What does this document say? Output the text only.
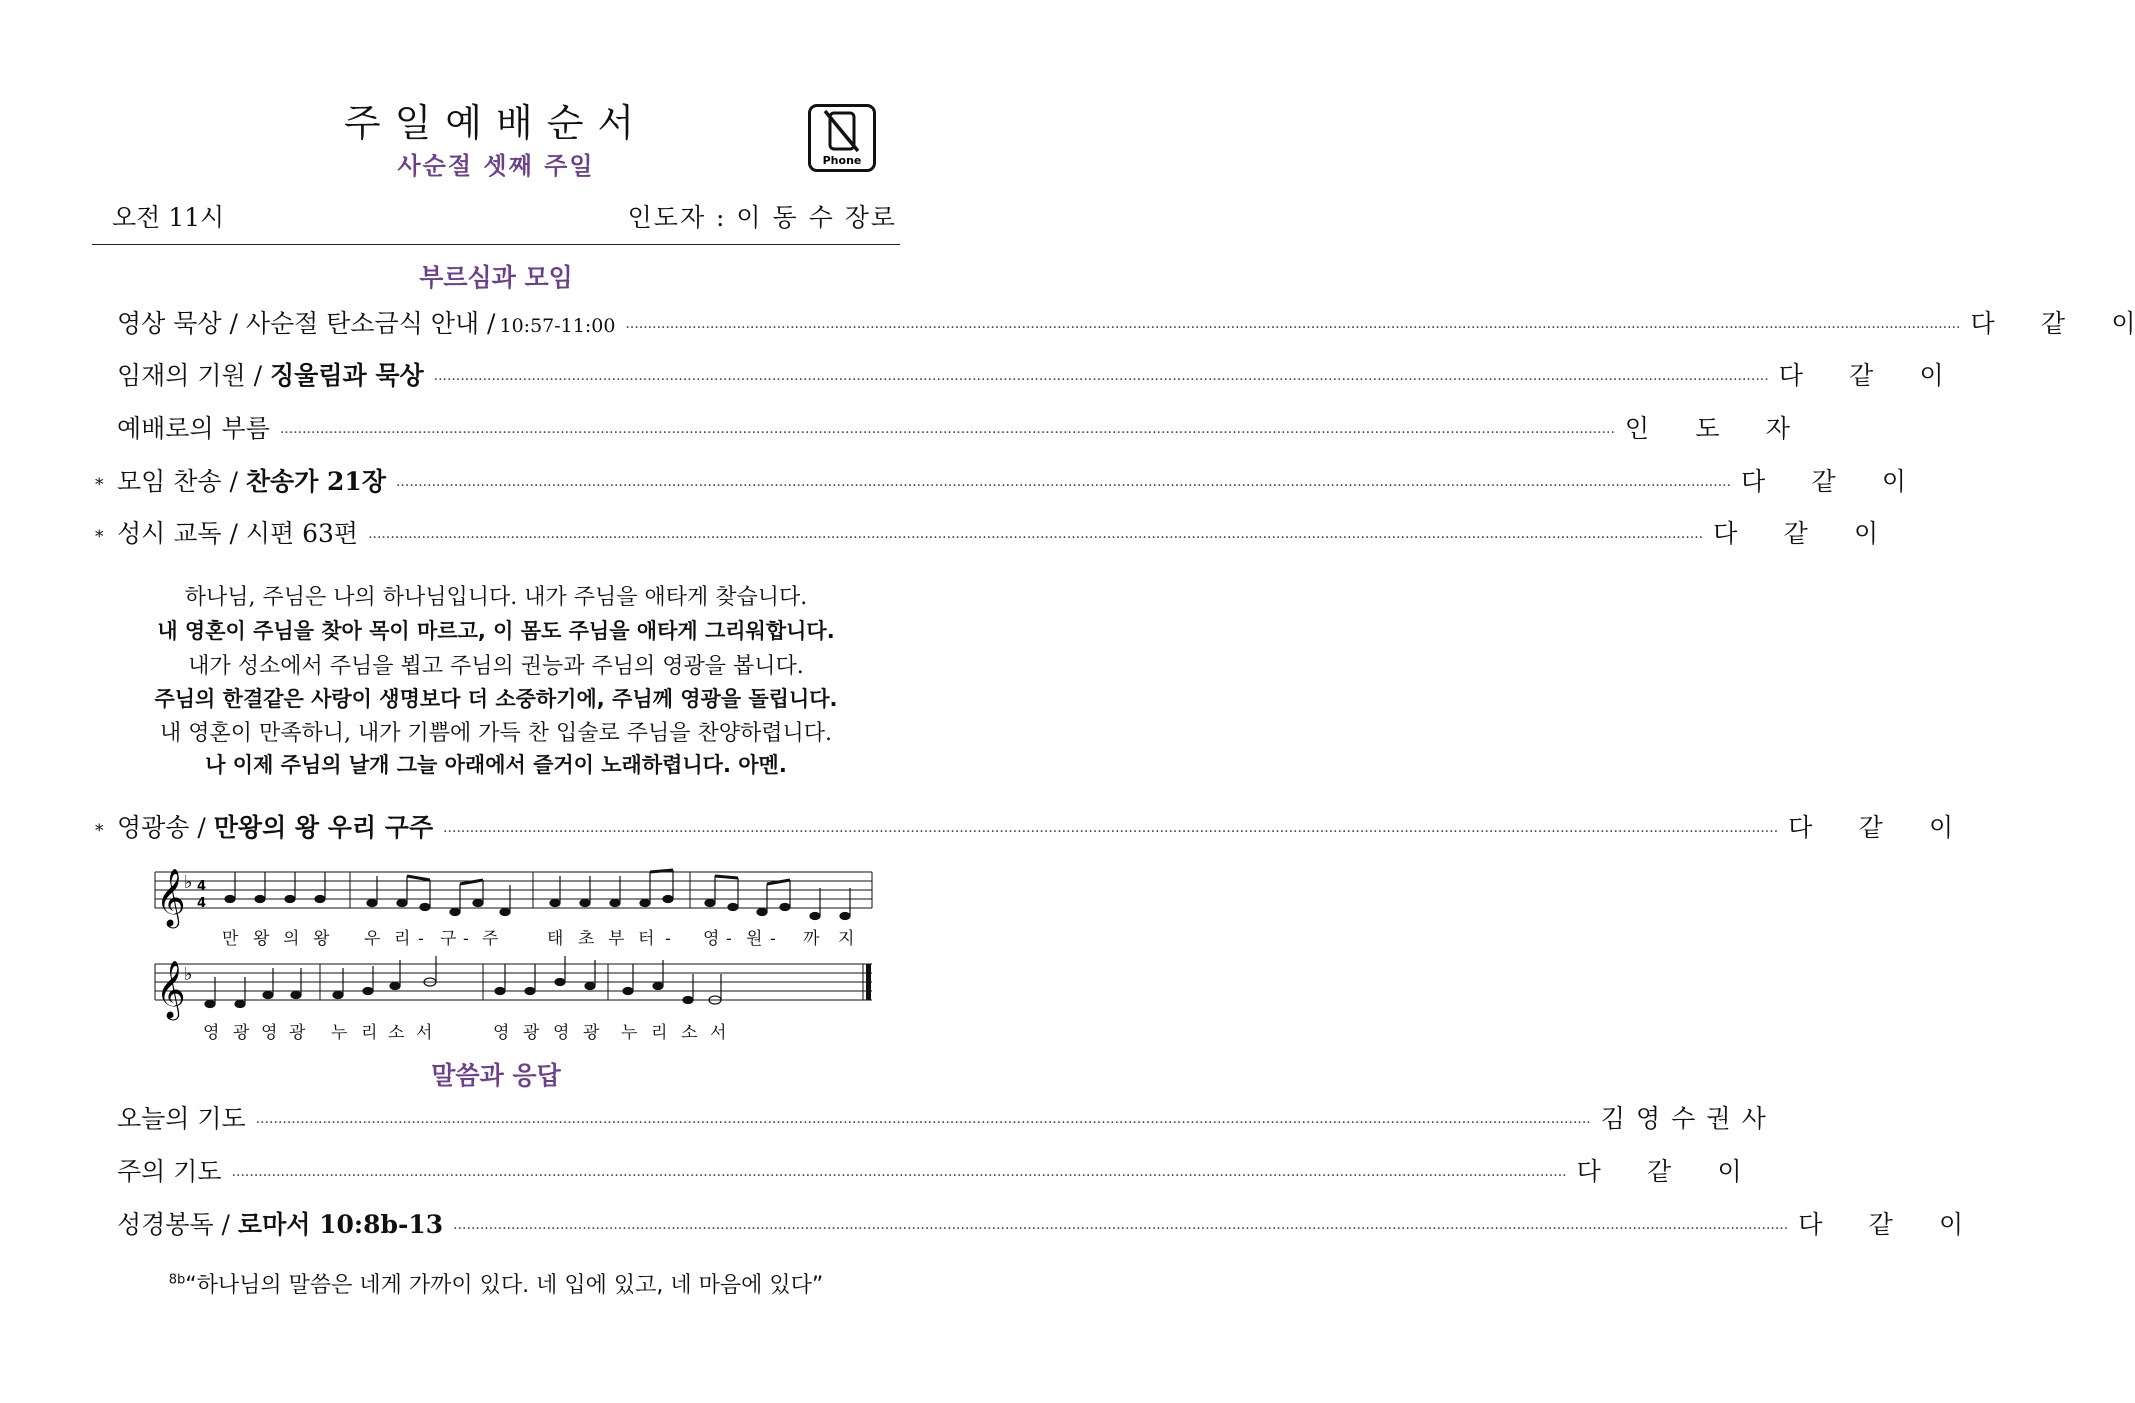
주일예배순서
사순절 셋째 주일	Phone
오전 11시	인도자 : 이 동 수 장로
부르심과 모임
영상 묵상 / 사순절 탄소금식 안내 / 10:57-11:00 ············································································································································································································································································································ 다 같 이
임재의 기원 / 징울림과 묵상 ············································································································································································································································································································ 다 같 이
예배로의 부름 ············································································································································································································································································································ 인 도 자
* 모임 찬송 / 찬송가 21장 ············································································································································································································································································································ 다 같 이
* 성시 교독 / 시편 63편 ············································································································································································································································································································ 다 같 이
하나님, 주님은 나의 하나님입니다. 내가 주님을 애타게 찾습니다.
내 영혼이 주님을 찾아 목이 마르고, 이 몸도 주님을 애타게 그리워합니다.
내가 성소에서 주님을 뵙고 주님의 권능과 주님의 영광을 봅니다.
주님의 한결같은 사랑이 생명보다 더 소중하기에, 주님께 영광을 돌립니다.
내 영혼이 만족하니, 내가 기쁨에 가득 찬 입술로 주님을 찬양하렵니다.
나 이제 주님의 날개 그늘 아래에서 즐거이 노래하렵니다. 아멘.
* 영광송 / 만왕의 왕 우리 구주 ············································································································································································································································································································ 다 같 이
𝄞
♭ 4
4
𝄞
♭
만 왕 의 왕 우 리 - 구 - 주	태 초 부 터 - 영 - 원 - 까 지
영 광 영 광 누 리 소 서	영 광 영 광 누 리 소 서
말씀과 응답
오늘의 기도 ············································································································································································································································································································ 김 영 수 권 사
주의 기도 ············································································································································································································································································································ 다 같 이
성경봉독 / 로마서 10:8b-13 ············································································································································································································································································································ 다 같 이
$^{8b}$“하나님의 말씀은 네게 가까이 있다. 네 입에 있고, 네 마음에 있다”
